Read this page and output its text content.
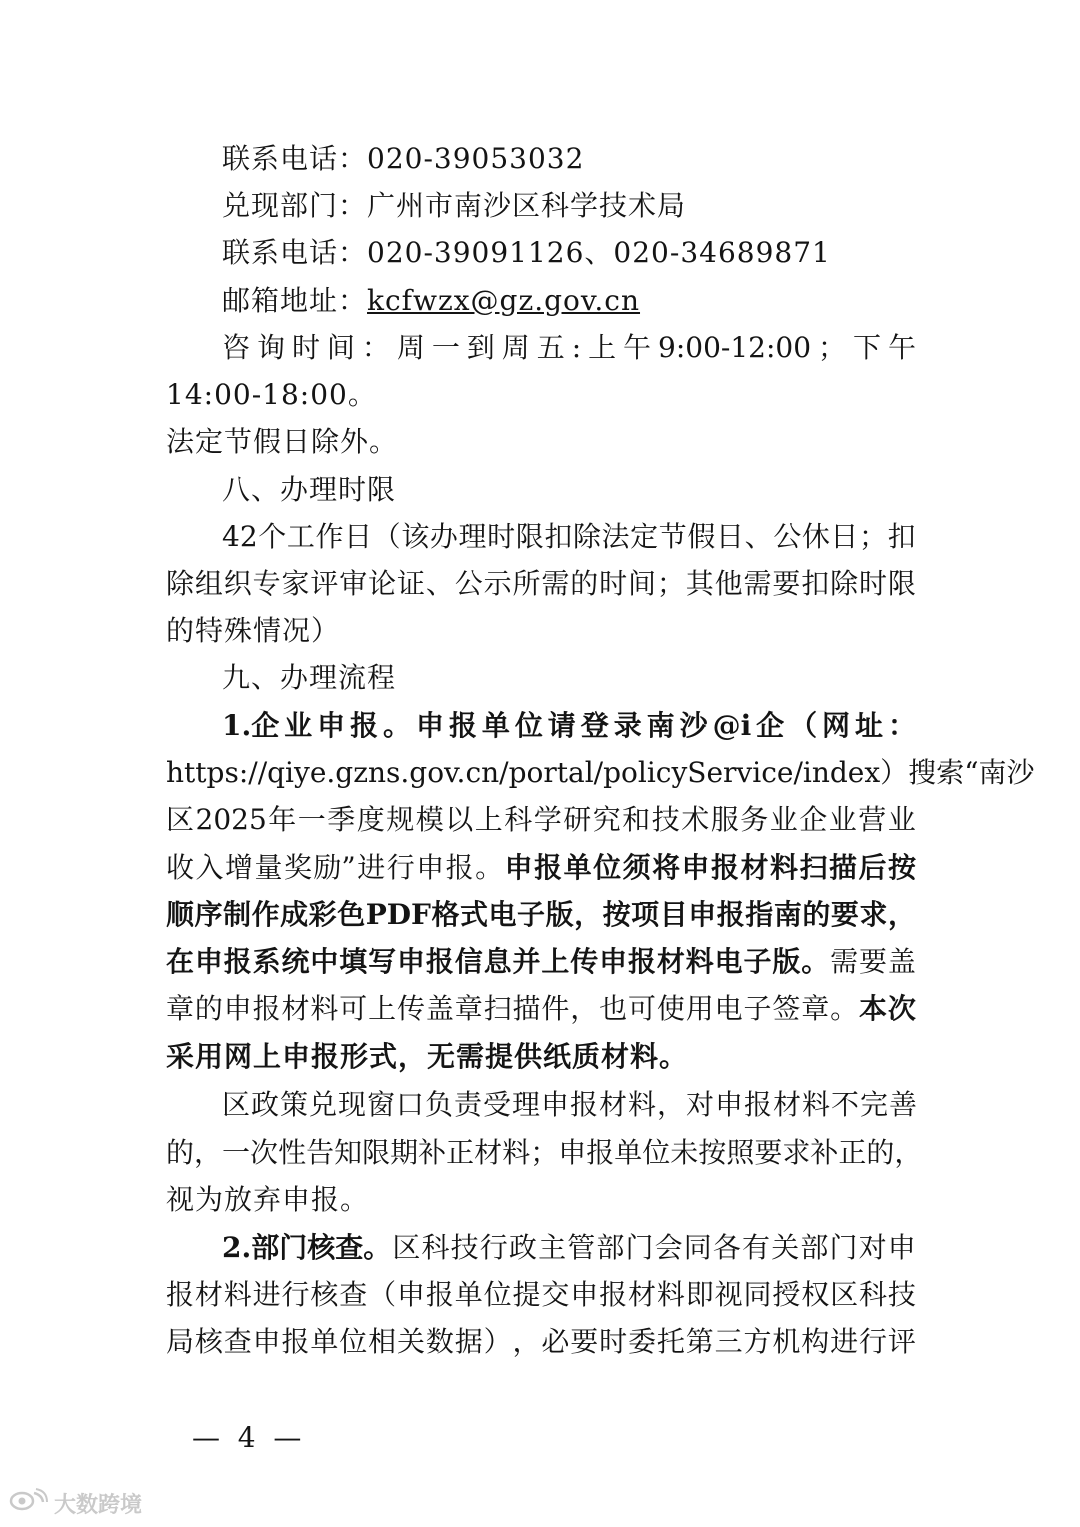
联系电话：020-39053032
兑现部门：广州市南沙区科学技术局
联系电话：020-39091126、020-34689871
邮箱地址：kcfwzx@gz.gov.cn
咨 询 时 间 ： 周 一 到 周 五 : 上 午 9:00-12:00 ； 下 午
14:00-18:00。
法定节假日除外。
八、办理时限
42 个 工 作 日 （ 该 办 理 时 限 扣 除 法 定 节 假 日 、 公 休 日 ； 扣
除 组 织 专 家 评 审 论 证 、 公 示 所 需 的 时 间 ； 其 他 需 要 扣 除 时 限
的特殊情况）
九、办理流程
1.企 业 申 报 。 申 报 单 位 请 登 录 南 沙 @i 企 （ 网 址 ：
https://qiye.gzns.gov.cn/portal/policyService/index） 搜 索“ 南 沙
区 2025 年 一 季 度 规 模 以 上 科 学 研 究 和 技 术 服 务 业 企 业 营 业
收 入 增 量 奖 励” 进 行 申 报 。 申 报 单 位 须 将 申 报 材 料 扫 描 后 按
顺 序 制 作 成 彩 色 PDF 格 式 电 子 版 ， 按 项 目 申 报 指 南 的 要 求 ，
在 申 报 系 统 中 填 写 申 报 信 息 并 上 传 申 报 材 料 电 子 版 。 需 要 盖
章 的 申 报 材 料 可 上 传 盖 章 扫 描 件 ， 也 可 使 用 电 子 签 章 。 本 次
采用网上申报形式，无需提供纸质材料。
区政策兑现窗口负责受理申报材料，对申报材料不完善
的 ， 一 次 性 告 知 限 期 补 正 材 料 ； 申 报 单 位 未 按 照 要 求 补 正 的 ，
视为放弃申报。
2.部门核查。 区 科 技 行 政 主 管 部 门 会 同 各 有 关 部 门 对 申
报 材 料 进 行 核 查 （ 申 报 单 位 提 交 申 报 材 料 即 视 同 授 权 区 科 技
局 核 查 申 报 单 位 相 关 数 据 ） ， 必 要 时 委 托 第 三 方 机 构 进 行 评
—  4  —
大数跨境
